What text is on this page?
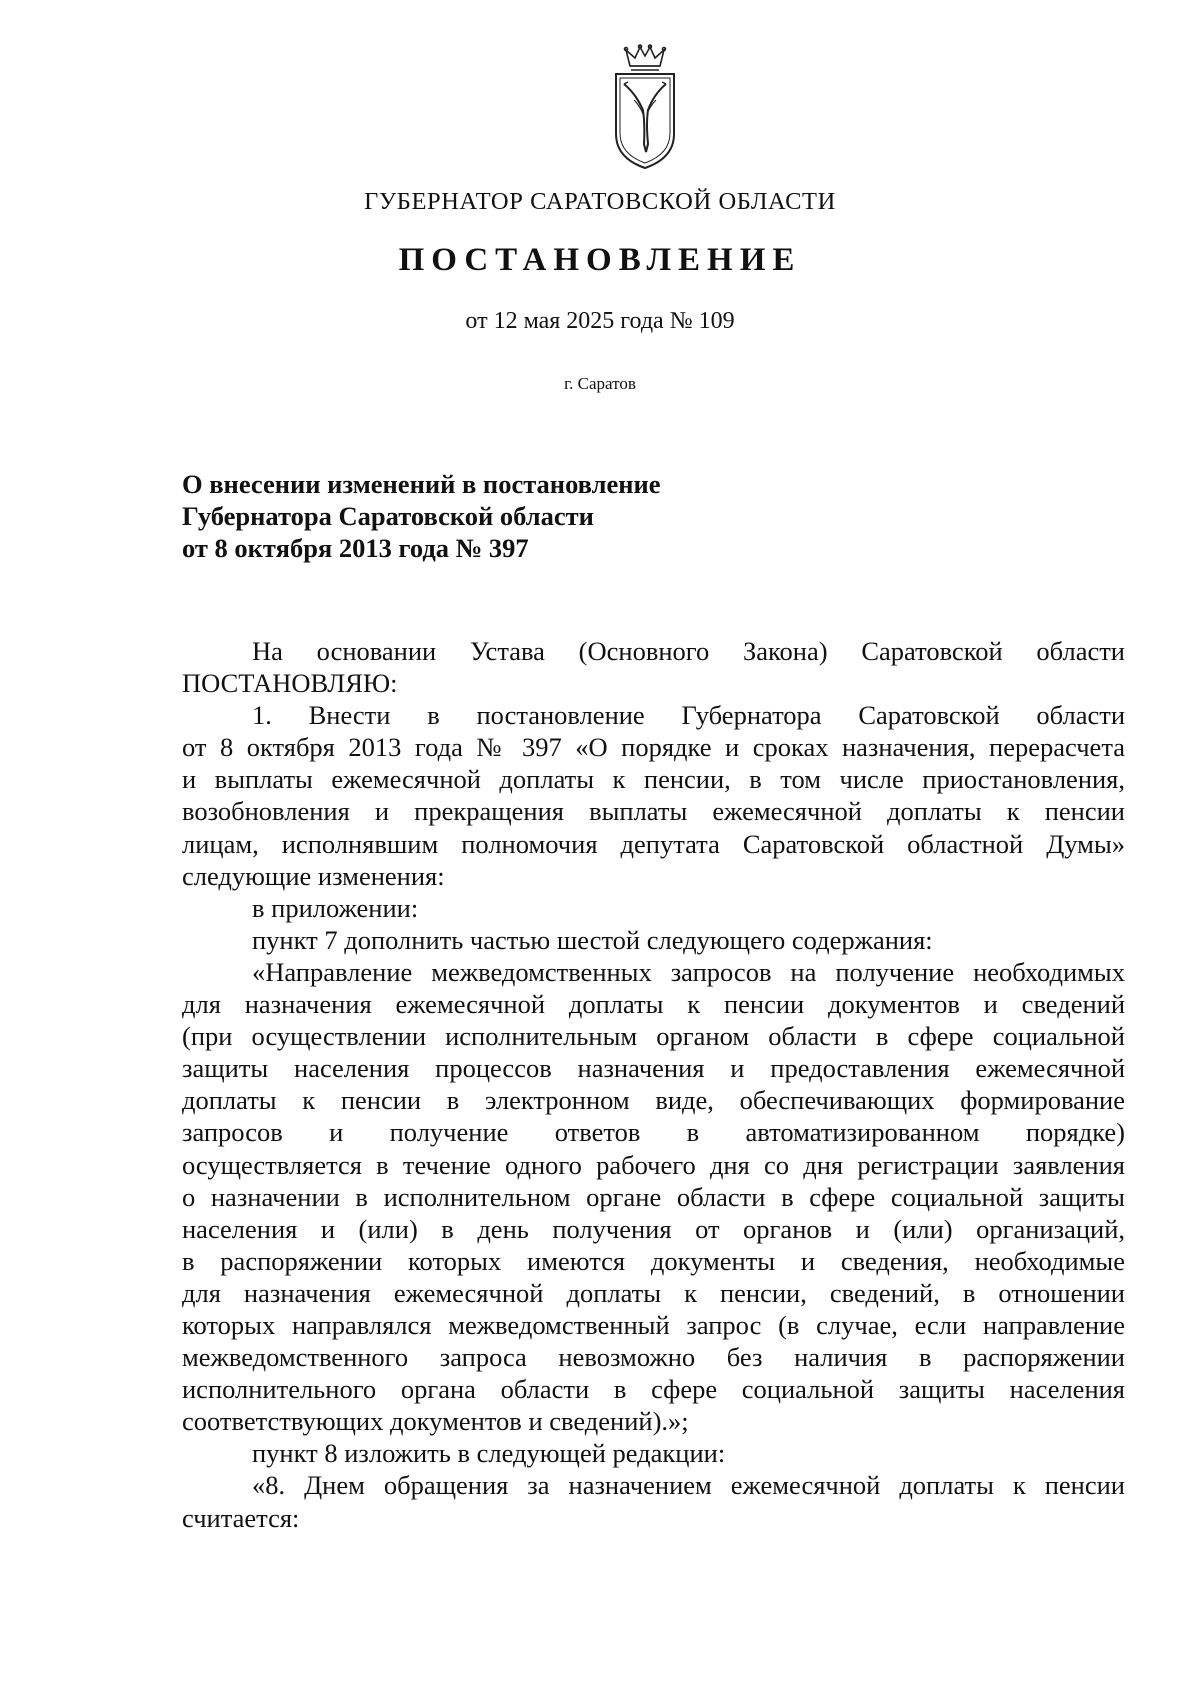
ГУБЕРНАТОР САРАТОВСКОЙ ОБЛАСТИ
ПОСТАНОВЛЕНИЕ
от 12 мая 2025 года № 109
г. Саратов
О внесении изменений в постановление
Губернатора Саратовской области
от 8 октября 2013 года № 397
На основании Устава (Основного Закона) Саратовской области
ПОСТАНОВЛЯЮ:
1. Внести в постановление Губернатора Саратовской области
от 8 октября 2013 года № 397 «О порядке и сроках назначения, перерасчета
и выплаты ежемесячной доплаты к пенсии, в том числе приостановления,
возобновления и прекращения выплаты ежемесячной доплаты к пенсии
лицам, исполнявшим полномочия депутата Саратовской областной Думы»
следующие изменения:
в приложении:
пункт 7 дополнить частью шестой следующего содержания:
«Направление межведомственных запросов на получение необходимых
для назначения ежемесячной доплаты к пенсии документов и сведений
(при осуществлении исполнительным органом области в сфере социальной
защиты населения процессов назначения и предоставления ежемесячной
доплаты к пенсии в электронном виде, обеспечивающих формирование
запросов и получение ответов в автоматизированном порядке)
осуществляется в течение одного рабочего дня со дня регистрации заявления
о назначении в исполнительном органе области в сфере социальной защиты
населения и (или) в день получения от органов и (или) организаций,
в распоряжении которых имеются документы и сведения, необходимые
для назначения ежемесячной доплаты к пенсии, сведений, в отношении
которых направлялся межведомственный запрос (в случае, если направление
межведомственного запроса невозможно без наличия в распоряжении
исполнительного органа области в сфере социальной защиты населения
соответствующих документов и сведений).»;
пункт 8 изложить в следующей редакции:
«8. Днем обращения за назначением ежемесячной доплаты к пенсии
считается:
